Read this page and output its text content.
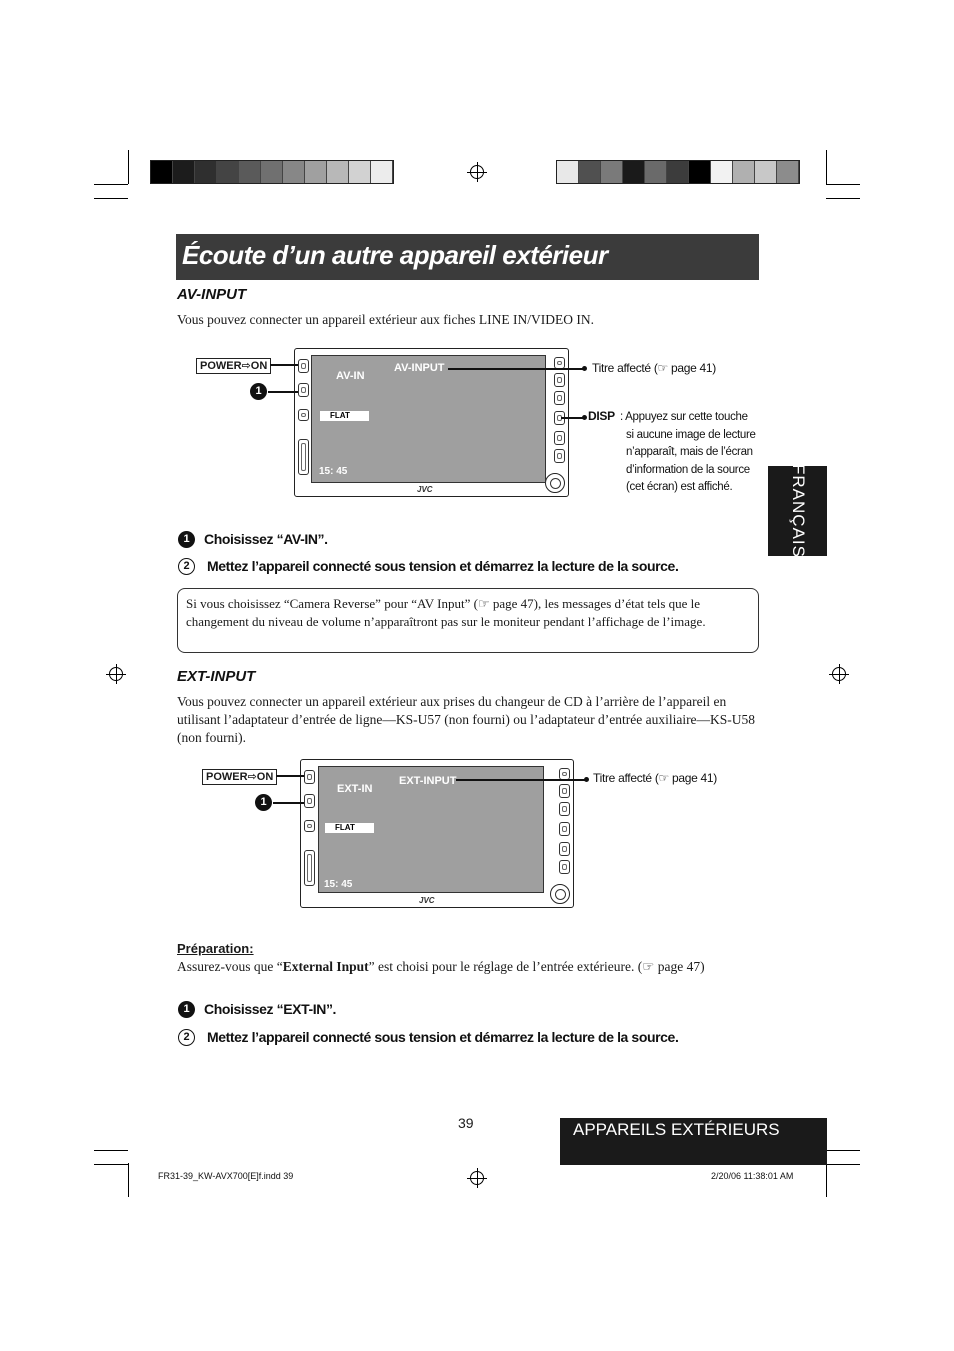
Écoute d’un autre appareil extérieur
FRANÇAIS
AV-INPUT
Vous pouvez connecter un appareil extérieur aux fiches LINE IN/VIDEO IN.
AV-IN
AV-INPUT
FLAT
15: 45
JVC
POWER⇨ON
1
Titre affecté (☞ page 41)
DISP : Appuyez sur cette touche
si aucune image de lecture
n’apparaît, mais de l’écran
d’information de la source
(cet écran) est affiché.
1	Choisissez “AV-IN”.
2	Mettez l’appareil connecté sous tension et démarrez la lecture de la source.
Si vous choisissez “Camera Reverse” pour “AV Input” (☞ page 47), les messages d’état tels que le changement du niveau de volume n’apparaîtront pas sur le moniteur pendant l’affichage de l’image.
EXT-INPUT
Vous pouvez connecter un appareil extérieur aux prises du changeur de CD à l’arrière de l’appareil en utilisant l’adaptateur d’entrée de ligne—KS-U57 (non fourni) ou l’adaptateur d’entrée auxiliaire—KS-U58 (non fourni).
EXT-IN
EXT-INPUT
FLAT
15: 45
JVC
POWER⇨ON
1
Titre affecté (☞ page 41)
Préparation:
Assurez-vous que “External Input” est choisi pour le réglage de l’entrée extérieure. (☞ page 47)
1	Choisissez “EXT-IN”.
2	Mettez l’appareil connecté sous tension et démarrez la lecture de la source.
39	APPAREILS EXTÉRIEURS
FR31-39_KW-AVX700[E]f.indd 39	2/20/06 11:38:01 AM
